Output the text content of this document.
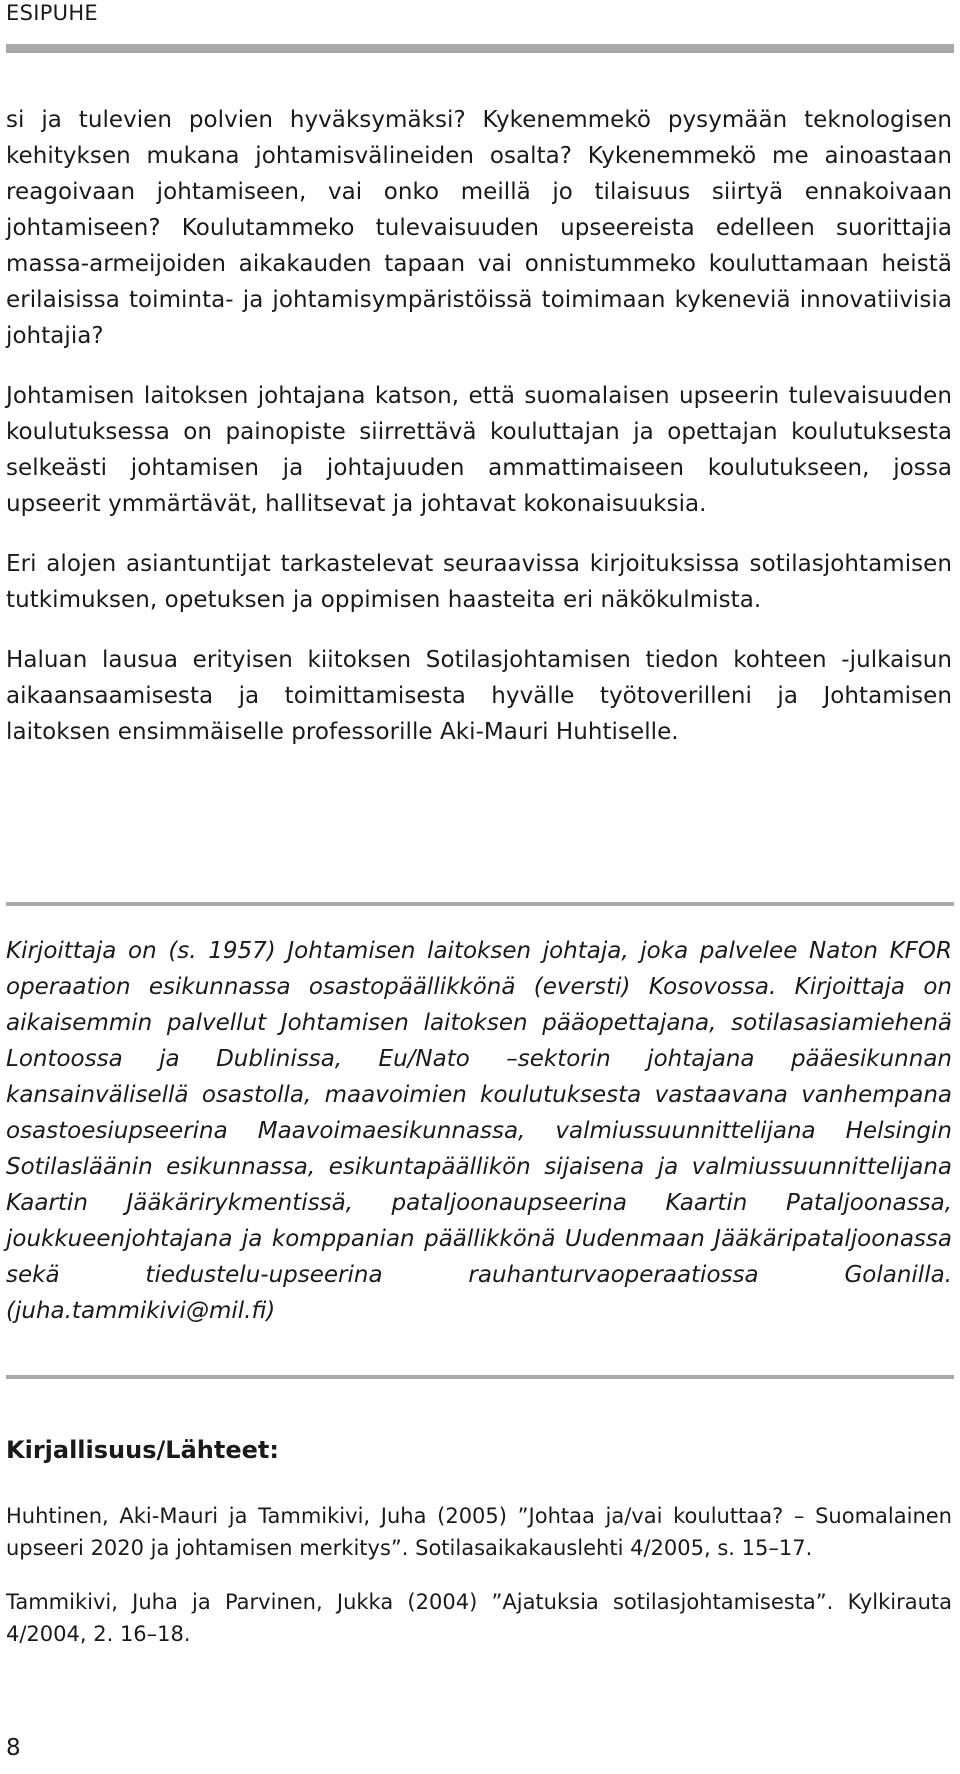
ESIPUHE

si ja tulevien polvien hyväksymäksi? Kykenemmekö pysymään teknologisen kehityksen mukana johtamisvälineiden osalta? Kykenemmekö me ainoastaan reagoivaan johtamiseen, vai onko meillä jo tilaisuus siirtyä ennakoivaan johtamiseen? Koulutammeko tulevaisuuden upseereista edelleen suorittajia massa-armeijoiden aikakauden tapaan vai onnistummeko kouluttamaan heistä erilaisissa toiminta- ja johtamisympäristöissä toimimaan kykeneviä innovatiivisia johtajia?

Johtamisen laitoksen johtajana katson, että suomalaisen upseerin tulevaisuuden koulutuksessa on painopiste siirrettävä kouluttajan ja opettajan koulutuksesta selkeästi johtamisen ja johtajuuden ammattimaiseen koulutukseen, jossa upseerit ymmärtävät, hallitsevat ja johtavat kokonaisuuksia.

Eri alojen asiantuntijat tarkastelevat seuraavissa kirjoituksissa sotilasjohtamisen tutkimuksen, opetuksen ja oppimisen haasteita eri näkökulmista.

Haluan lausua erityisen kiitoksen Sotilasjohtamisen tiedon kohteen -julkaisun aikaansaamisesta ja toimittamisesta hyvälle työtoverilleni ja Johtamisen laitoksen ensimmäiselle professorille Aki-Mauri Huhtiselle.

Kirjoittaja on (s. 1957) Johtamisen laitoksen johtaja, joka palvelee Naton KFOR operaation esikunnassa osastopäällikkönä (eversti) Kosovossa. Kirjoittaja on aikaisemmin palvellut Johtamisen laitoksen pääopettajana, sotilasasiamiehenä Lontoossa ja Dublinissa, Eu/Nato –sektorin johtajana pääesikunnan kansainvälisellä osastolla, maavoimien koulutuksesta vastaavana vanhempana osastoesiupseerina Maavoimaesikunnassa, valmiussuunnittelijana Helsingin Sotilasläänin esikunnassa, esikuntapäällikön sijaisena ja valmiussuunnittelijana Kaartin Jääkärirykmentissä, pataljoonaupseerina Kaartin Pataljoonassa, joukkueenjohtajana ja komppanian päällikkönä Uudenmaan Jääkäripataljoonassa sekä tiedustelu-upseerina rauhanturvaoperaatiossa Golanilla. (juha.tammikivi@mil.fi)

Kirjallisuus/Lähteet:

Huhtinen, Aki-Mauri ja Tammikivi, Juha (2005) ”Johtaa ja/vai kouluttaa? – Suomalainen upseeri 2020 ja johtamisen merkitys”. Sotilasaikakauslehti 4/2005, s. 15–17.

Tammikivi, Juha ja Parvinen, Jukka (2004) ”Ajatuksia sotilasjohtamisesta”. Kylkirauta 4/2004, 2. 16–18.

8
